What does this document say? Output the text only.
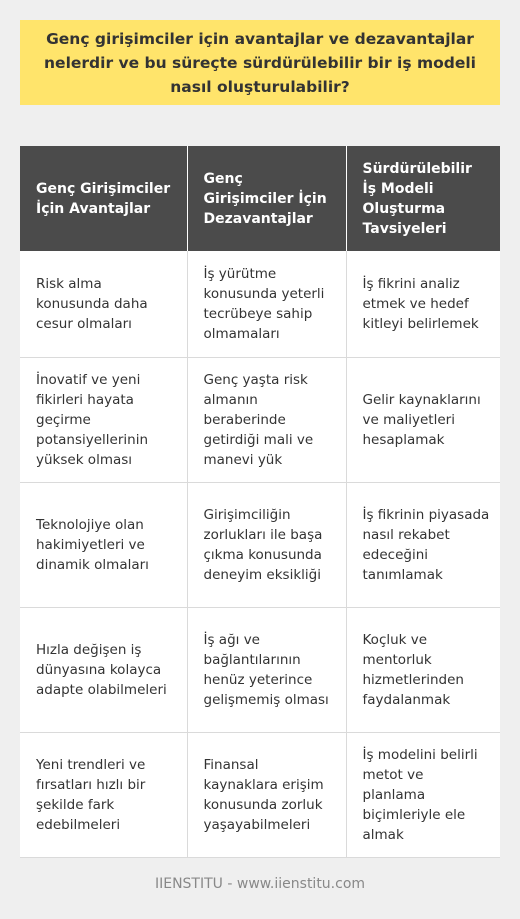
Genç girişimciler için avantajlar ve dezavantajlar nelerdir ve bu süreçte sürdürülebilir bir iş modeli nasıl oluşturulabilir?
Genç Girişimciler İçin Avantajlar	Genç Girişimciler İçin Dezavantajlar	Sürdürülebilir İş Modeli Oluşturma Tavsiyeleri
Risk alma konusunda daha cesur olmaları	İş yürütme konusunda yeterli tecrübeye sahip olmamaları	İş fikrini analiz etmek ve hedef kitleyi belirlemek
İnovatif ve yeni fikirleri hayata geçirme potansiyellerinin yüksek olması	Genç yaşta risk almanın beraberinde getirdiği mali ve manevi yük	Gelir kaynaklarını ve maliyetleri hesaplamak
Teknolojiye olan hakimiyetleri ve dinamik olmaları	Girişimciliğin zorlukları ile başa çıkma konusunda deneyim eksikliği	İş fikrinin piyasada nasıl rekabet edeceğini tanımlamak
Hızla değişen iş dünyasına kolayca adapte olabilmeleri	İş ağı ve bağlantılarının henüz yeterince gelişmemiş olması	Koçluk ve mentorluk hizmetlerinden faydalanmak
Yeni trendleri ve fırsatları hızlı bir şekilde fark edebilmeleri	Finansal kaynaklara erişim konusunda zorluk yaşayabilmeleri	İş modelini belirli metot ve planlama biçimleriyle ele almak
IIENSTITU - www.iienstitu.com
